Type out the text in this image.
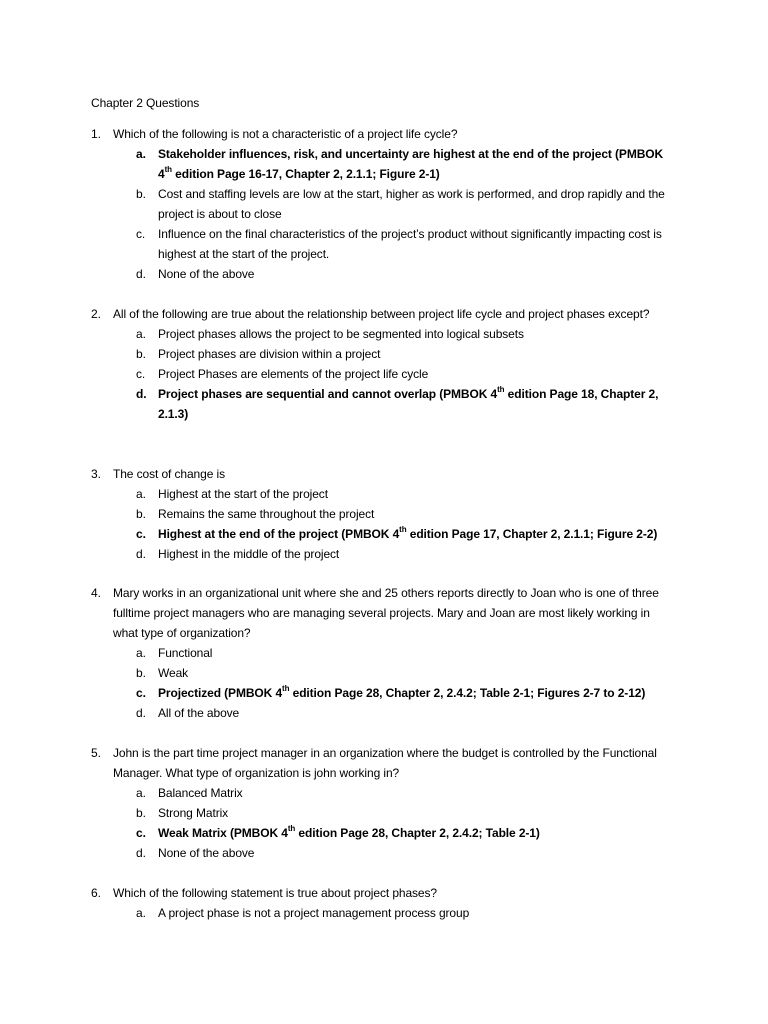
Chapter 2 Questions
1. Which of the following is not a characteristic of a project life cycle?
a. Stakeholder influences, risk, and uncertainty are highest at the end of the project (PMBOK 4th edition Page 16-17, Chapter 2, 2.1.1; Figure 2-1)
b. Cost and staffing levels are low at the start, higher as work is performed, and drop rapidly and the project is about to close
c. Influence on the final characteristics of the project’s product without significantly impacting cost is highest at the start of the project.
d. None of the above
2. All of the following are true about the relationship between project life cycle and project phases except?
a. Project phases allows the project to be segmented into logical subsets
b. Project phases are division within a project
c. Project Phases are elements of the project life cycle
d. Project phases are sequential and cannot overlap (PMBOK 4th edition Page 18, Chapter 2, 2.1.3)
3. The cost of change is
a. Highest at the start of the project
b. Remains the same throughout the project
c. Highest at the end of the project (PMBOK 4th edition Page 17, Chapter 2, 2.1.1; Figure 2-2)
d. Highest in the middle of the project
4. Mary works in an organizational unit where she and 25 others reports directly to Joan who is one of three fulltime project managers who are managing several projects. Mary and Joan are most likely working in what type of organization?
a. Functional
b. Weak
c. Projectized (PMBOK 4th edition Page 28, Chapter 2, 2.4.2; Table 2-1; Figures 2-7 to 2-12)
d. All of the above
5. John is the part time project manager in an organization where the budget is controlled by the Functional Manager. What type of organization is john working in?
a. Balanced Matrix
b. Strong Matrix
c. Weak Matrix (PMBOK 4th edition Page 28, Chapter 2, 2.4.2; Table 2-1)
d. None of the above
6. Which of the following statement is true about project phases?
a. A project phase is not a project management process group
